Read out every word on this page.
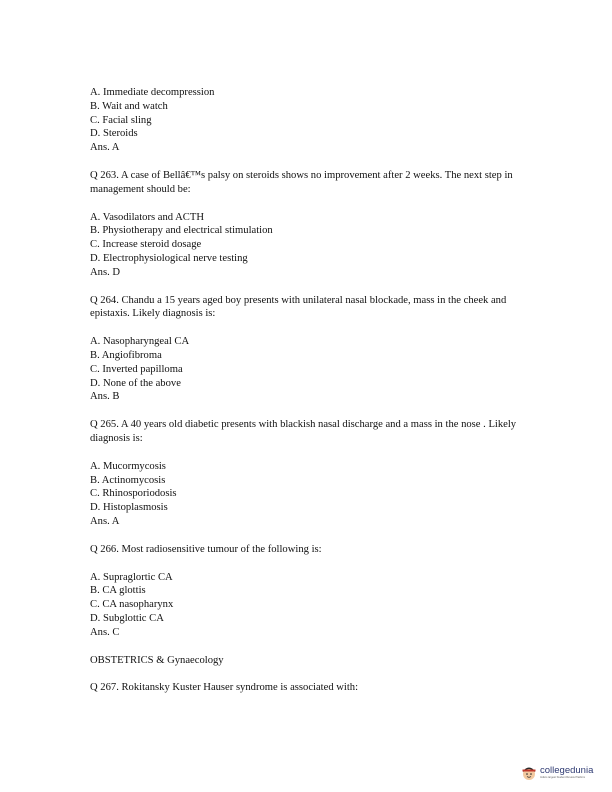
A. Immediate decompression
B. Wait and watch
C. Facial sling
D. Steroids
Ans. A
Q 263. A case of Bellâ€™s palsy on steroids shows no improvement after 2 weeks. The next step in management should be:
A. Vasodilators and ACTH
B. Physiotherapy and electrical stimulation
C. Increase steroid dosage
D. Electrophysiological nerve testing
Ans. D
Q 264. Chandu a 15 years aged boy presents with unilateral nasal blockade, mass in the cheek and epistaxis. Likely diagnosis is:
A. Nasopharyngeal CA
B. Angiofibroma
C. Inverted papilloma
D. None of the above
Ans. B
Q 265. A 40 years old diabetic presents with blackish nasal discharge and a mass in the nose . Likely diagnosis is:
A. Mucormycosis
B. Actinomycosis
C. Rhinosporiodosis
D. Histoplasmosis
Ans. A
Q 266. Most radiosensitive tumour of the following is:
A. Supraglortic CA
B. CA glottis
C. CA nasopharynx
D. Subglottic CA
Ans. C
OBSTETRICS & Gynaecology
Q 267. Rokitansky Kuster Hauser syndrome is associated with:
collegedunia
India's largest Student Review Platform
